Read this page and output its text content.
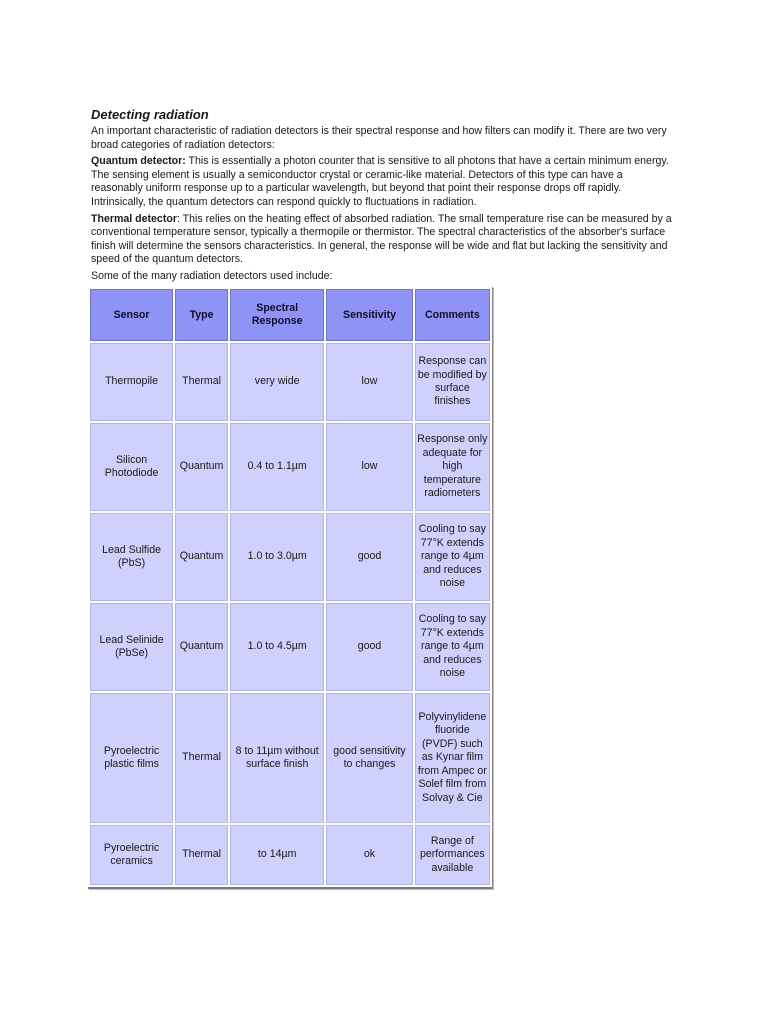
Detecting radiation

An important characteristic of radiation detectors is their spectral response and how filters can modify it. There are two very broad categories of radiation detectors:

Quantum detector: This is essentially a photon counter that is sensitive to all photons that have a certain minimum energy. The sensing element is usually a semiconductor crystal or ceramic-like material. Detectors of this type can have a reasonably uniform response up to a particular wavelength, but beyond that point their response drops off rapidly. Intrinsically, the quantum detectors can respond quickly to fluctuations in radiation.

Thermal detector: This relies on the heating effect of absorbed radiation. The small temperature rise can be measured by a conventional temperature sensor, typically a thermopile or thermistor. The spectral characteristics of the absorber's surface finish will determine the sensors characteristics. In general, the response will be wide and flat but lacking the sensitivity and speed of the quantum detectors.

Some of the many radiation detectors used include:

Sensor	Type	Spectral Response	Sensitivity	Comments
Thermopile	Thermal	very wide	low	Response can be modified by surface finishes
Silicon Photodiode	Quantum	0.4 to 1.1µm	low	Response only adequate for high temperature radiometers
Lead Sulfide (PbS)	Quantum	1.0 to 3.0µm	good	Cooling to say 77°K extends range to 4µm and reduces noise
Lead Selinide (PbSe)	Quantum	1.0 to 4.5µm	good	Cooling to say 77°K extends range to 4µm and reduces noise
Pyroelectric plastic films	Thermal	8 to 11µm without surface finish	good sensitivity to changes	Polyvinylidene fluoride (PVDF) such as Kynar film from Ampec or Solef film from Solvay & Cie
Pyroelectric ceramics	Thermal	to 14µm	ok	Range of performances available
